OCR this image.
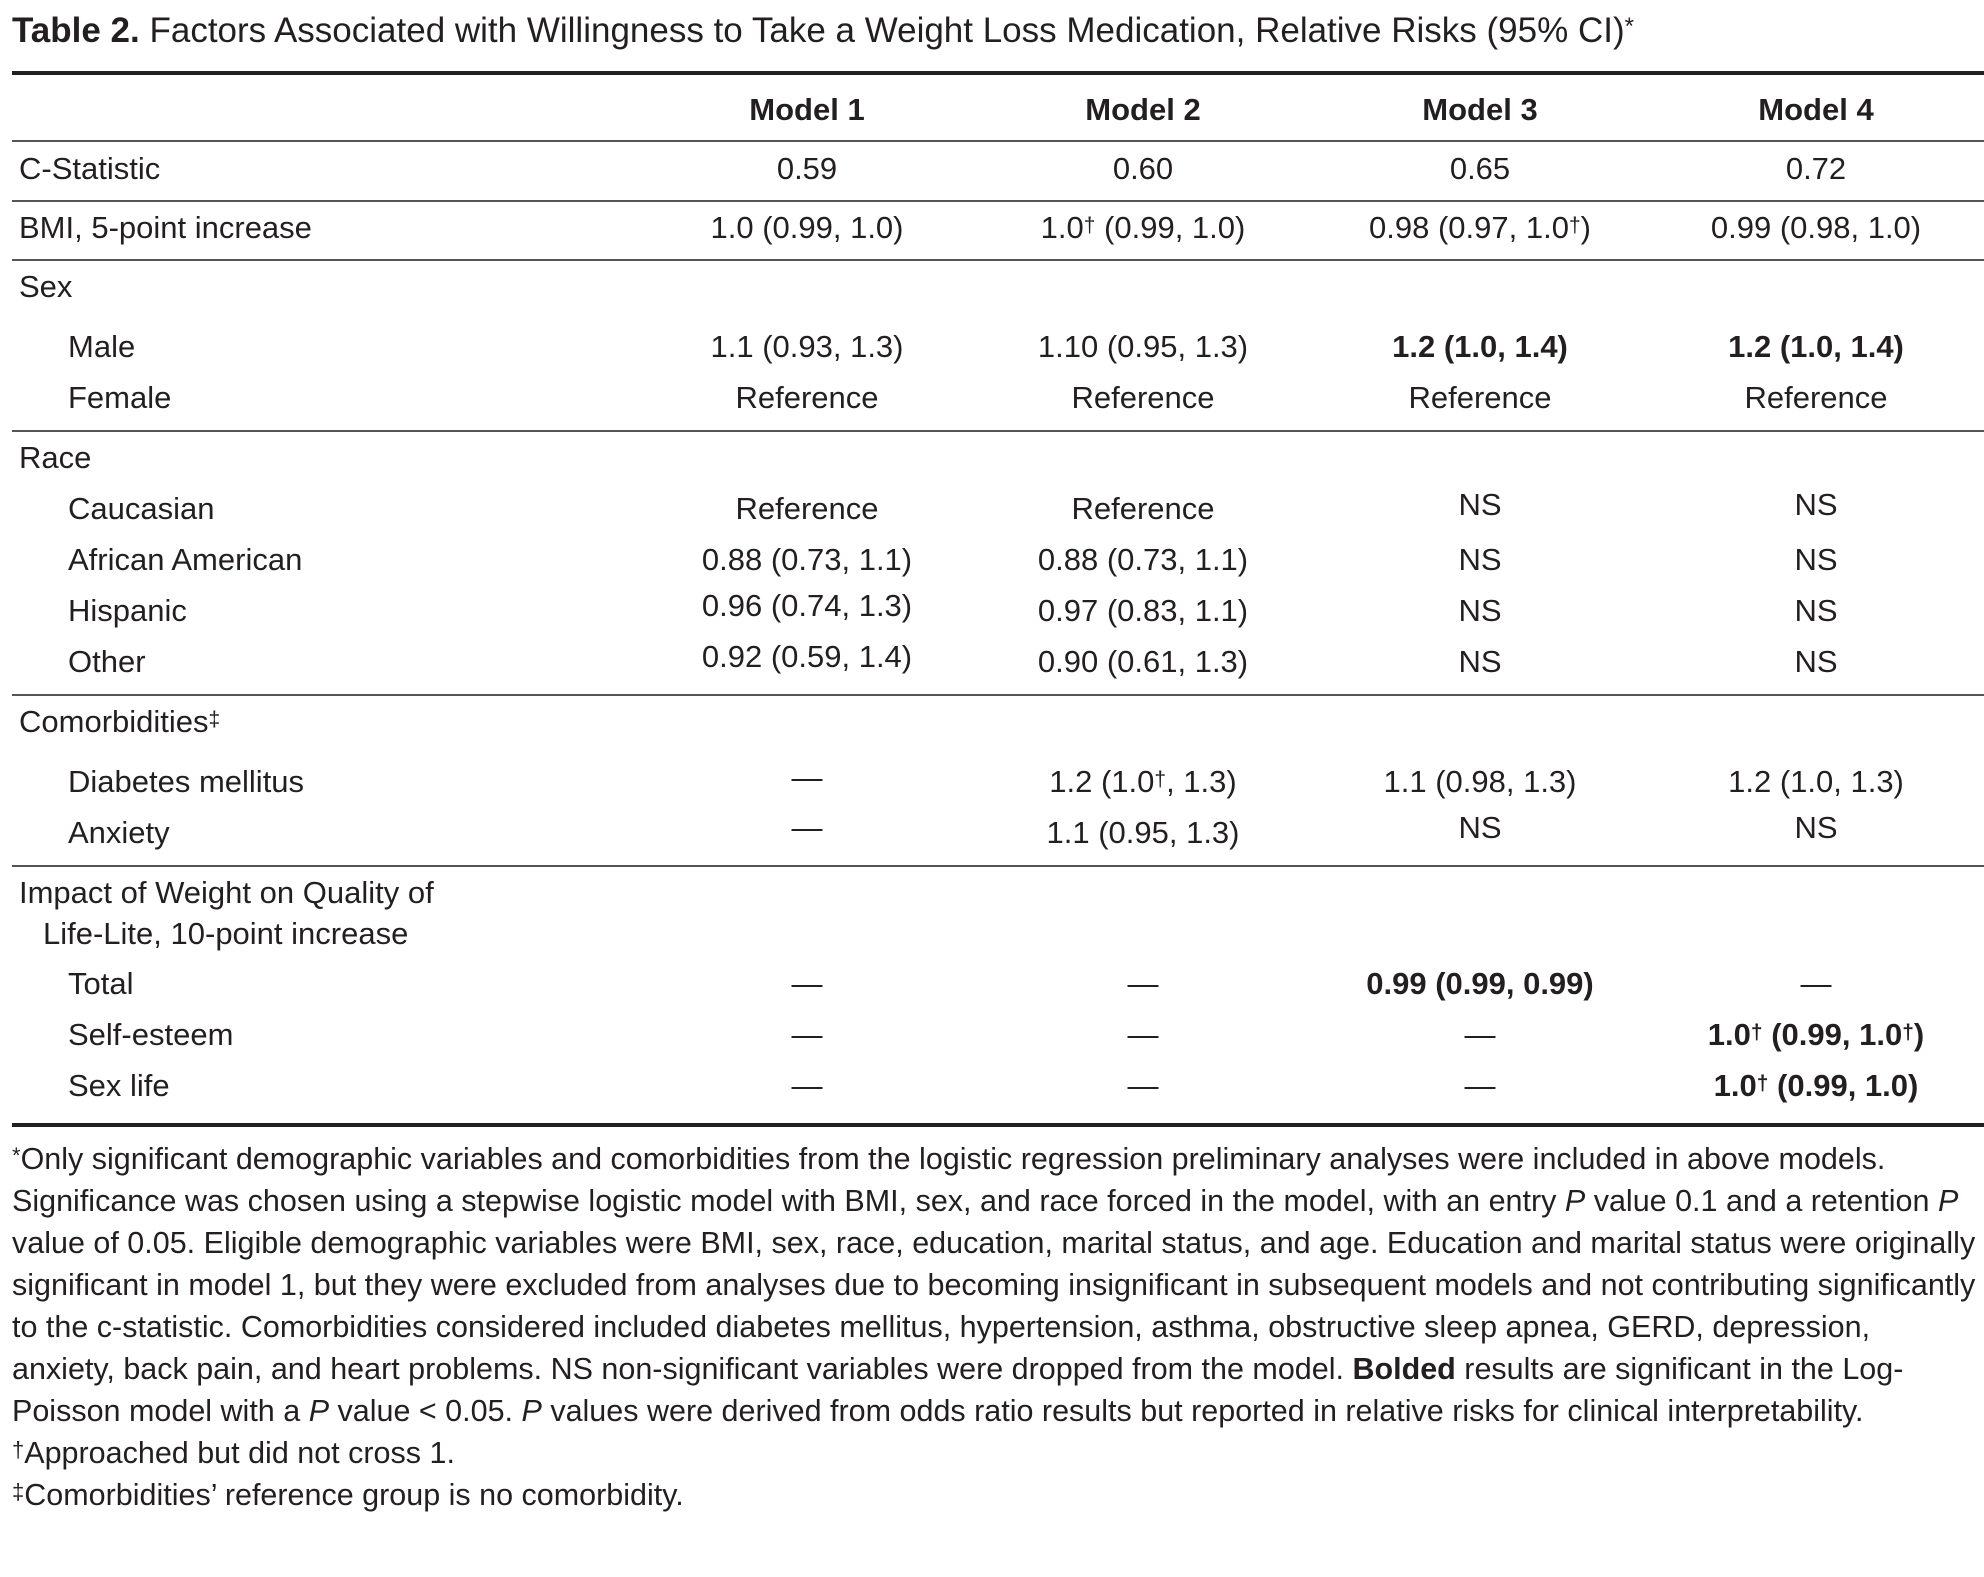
Table 2. Factors Associated with Willingness to Take a Weight Loss Medication, Relative Risks (95% CI)*
Model 1	Model 2	Model 3	Model 4
C-Statistic	0.59	0.60	0.65	0.72
BMI, 5-point increase	1.0 (0.99, 1.0)	1.0† (0.99, 1.0)	0.98 (0.97, 1.0†)	0.99 (0.98, 1.0)
Sex
Male	1.1 (0.93, 1.3)	1.10 (0.95, 1.3)	1.2 (1.0, 1.4)	1.2 (1.0, 1.4)
Female	Reference	Reference	Reference	Reference
Race
Caucasian	Reference	Reference	NS	NS
African American	0.88 (0.73, 1.1)	0.88 (0.73, 1.1)	NS	NS
Hispanic	0.96 (0.74, 1.3)	0.97 (0.83, 1.1)	NS	NS
Other	0.92 (0.59, 1.4)	0.90 (0.61, 1.3)	NS	NS
Comorbidities‡
Diabetes mellitus	—	1.2 (1.0†, 1.3)	1.1 (0.98, 1.3)	1.2 (1.0, 1.3)
Anxiety	—	1.1 (0.95, 1.3)	NS	NS
Impact of Weight on Quality of
Life-Lite, 10-point increase
Total	—	—	0.99 (0.99, 0.99)	—
Self-esteem	—	—	—	1.0† (0.99, 1.0†)
Sex life	—	—	—	1.0† (0.99, 1.0)

*Only significant demographic variables and comorbidities from the logistic regression preliminary analyses were included in above models. Significance was chosen using a stepwise logistic model with BMI, sex, and race forced in the model, with an entry P value 0.1 and a retention P value of 0.05. Eligible demographic variables were BMI, sex, race, education, marital status, and age. Education and marital status were originally significant in model 1, but they were excluded from analyses due to becoming insignificant in subsequent models and not contributing significantly to the c-statistic. Comorbidities considered included diabetes mellitus, hypertension, asthma, obstructive sleep apnea, GERD, depression, anxiety, back pain, and heart problems. NS non-significant variables were dropped from the model. Bolded results are significant in the Log-Poisson model with a P value < 0.05. P values were derived from odds ratio results but reported in relative risks for clinical interpretability.

†Approached but did not cross 1.

‡Comorbidities’ reference group is no comorbidity.
